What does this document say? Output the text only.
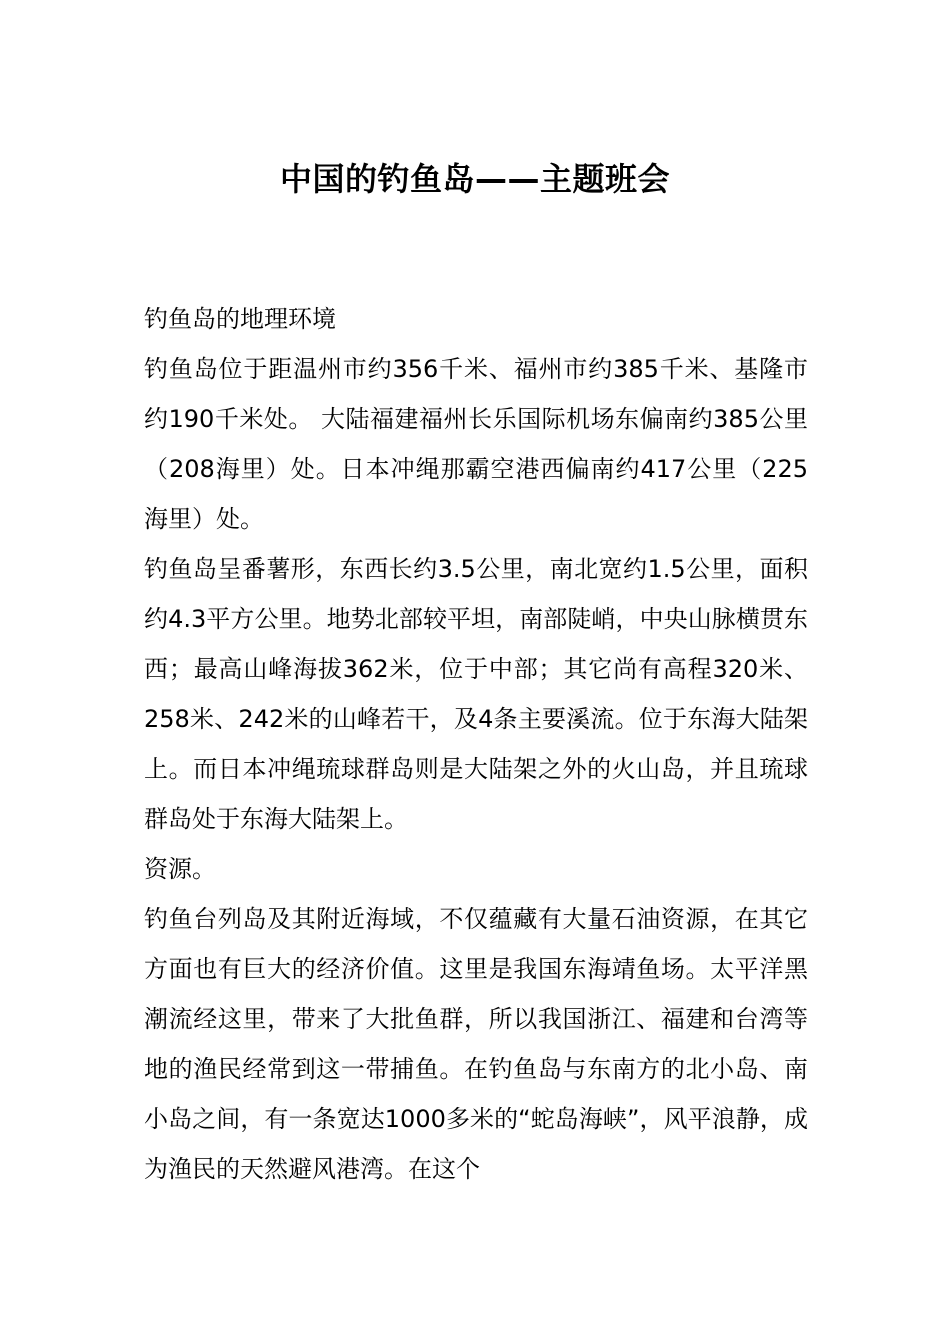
中国的钓鱼岛——主题班会

钓鱼岛的地理环境

钓鱼岛位于距温州市约356千米、福州市约385千米、基隆市约190千米处。 大陆福建福州长乐国际机场东偏南约385公里（208海里）处。日本冲绳那霸空港西偏南约417公里（225海里）处。

钓鱼岛呈番薯形，东西长约3.5公里，南北宽约1.5公里，面积约4.3平方公里。地势北部较平坦，南部陡峭，中央山脉横贯东西；最高山峰海拔362米，位于中部；其它尚有高程320米、258米、242米的山峰若干，及4条主要溪流。位于东海大陆架上。而日本冲绳琉球群岛则是大陆架之外的火山岛，并且琉球群岛处于东海大陆架上。

资源。

钓鱼台列岛及其附近海域，不仅蕴藏有大量石油资源，在其它方面也有巨大的经济价值。这里是我国东海靖鱼场。太平洋黑潮流经这里，带来了大批鱼群，所以我国浙江、福建和台湾等地的渔民经常到这一带捕鱼。在钓鱼岛与东南方的北小岛、南小岛之间，有一条宽达1000多米的“蛇岛海峡”，风平浪静，成为渔民的天然避风港湾。在这个
